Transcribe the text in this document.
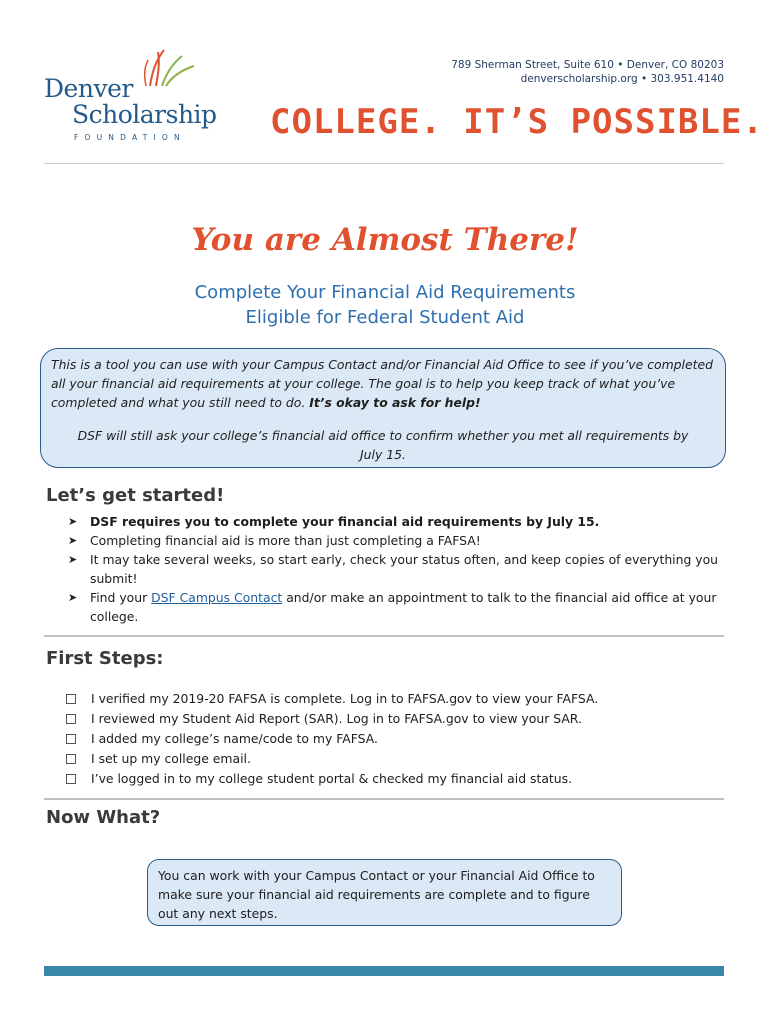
Denver
Scholarship
FOUNDATION
789 Sherman Street, Suite 610 • Denver, CO 80203
denverscholarship.org • 303.951.4140
COLLEGE. IT’S POSSIBLE.
You are Almost There!
Complete Your Financial Aid Requirements
Eligible for Federal Student Aid
This is a tool you can use with your Campus Contact and/or Financial Aid Office to see if you’ve completed all your financial aid requirements at your college. The goal is to help you keep track of what you’ve completed and what you still need to do. It’s okay to ask for help!
DSF will still ask your college’s financial aid office to confirm whether you met all requirements by July 15.
Let’s get started!
➤	DSF requires you to complete your financial aid requirements by July 15.
➤	Completing financial aid is more than just completing a FAFSA!
➤	It may take several weeks, so start early, check your status often, and keep copies of everything you submit!
➤	Find your DSF Campus Contact and/or make an appointment to talk to the financial aid office at your college.
First Steps:
I verified my 2019-20 FAFSA is complete. Log in to FAFSA.gov to view your FAFSA.
I reviewed my Student Aid Report (SAR). Log in to FAFSA.gov to view your SAR.
I added my college’s name/code to my FAFSA.
I set up my college email.
I’ve logged in to my college student portal & checked my financial aid status.
Now What?
You can work with your Campus Contact or your Financial Aid Office to make sure your financial aid requirements are complete and to figure out any next steps.
